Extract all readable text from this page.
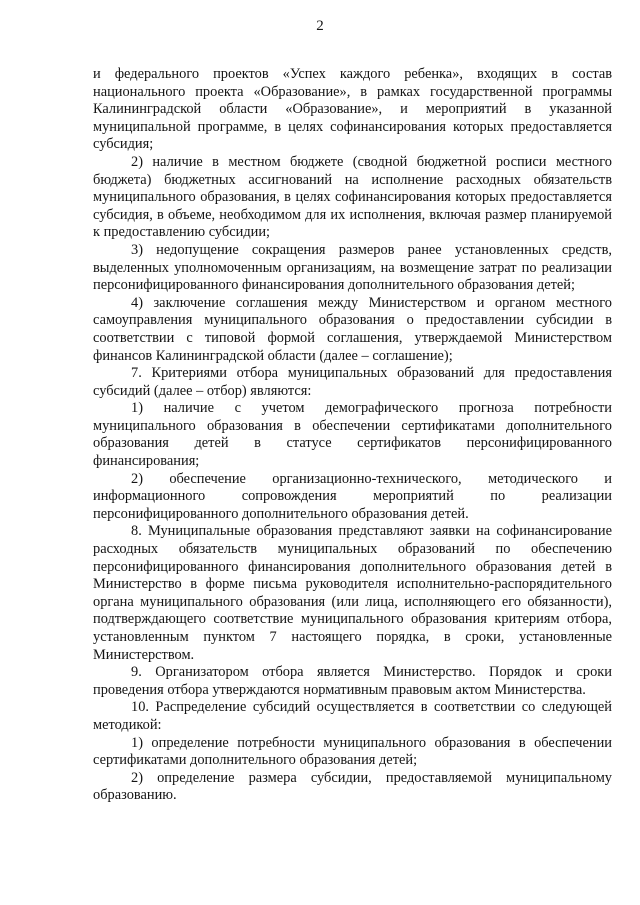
2

и федерального проектов «Успех каждого ребенка», входящих в состав национального проекта «Образование», в рамках государственной программы Калининградской области «Образование», и мероприятий в указанной муниципальной программе, в целях софинансирования которых предоставляется субсидия;

2) наличие в местном бюджете (сводной бюджетной росписи местного бюджета) бюджетных ассигнований на исполнение расходных обязательств муниципального образования, в целях софинансирования которых предоставляется субсидия, в объеме, необходимом для их исполнения, включая размер планируемой к предоставлению субсидии;

3) недопущение сокращения размеров ранее установленных средств, выделенных уполномоченным организациям, на возмещение затрат по реализации персонифицированного финансирования дополнительного образования детей;

4) заключение соглашения между Министерством и органом местного самоуправления муниципального образования о предоставлении субсидии в соответствии с типовой формой соглашения, утверждаемой Министерством финансов Калининградской области (далее – соглашение);

7. Критериями отбора муниципальных образований для предоставления субсидий (далее – отбор) являются:

1) наличие с учетом демографического прогноза потребности муниципального образования в обеспечении сертификатами дополнительного образования детей в статусе сертификатов персонифицированного финансирования;

2) обеспечение организационно-технического, методического и информационного сопровождения мероприятий по реализации персонифицированного дополнительного образования детей.

8. Муниципальные образования представляют заявки на софинансирование расходных обязательств муниципальных образований по обеспечению персонифицированного финансирования дополнительного образования детей в Министерство в форме письма руководителя исполнительно-распорядительного органа муниципального образования (или лица, исполняющего его обязанности), подтверждающего соответствие муниципального образования критериям отбора, установленным пунктом 7 настоящего порядка, в сроки, установленные Министерством.

9. Организатором отбора является Министерство. Порядок и сроки проведения отбора утверждаются нормативным правовым актом Министерства.

10. Распределение субсидий осуществляется в соответствии со следующей методикой:

1) определение потребности муниципального образования в обеспечении сертификатами дополнительного образования детей;

2) определение размера субсидии, предоставляемой муниципальному образованию.
